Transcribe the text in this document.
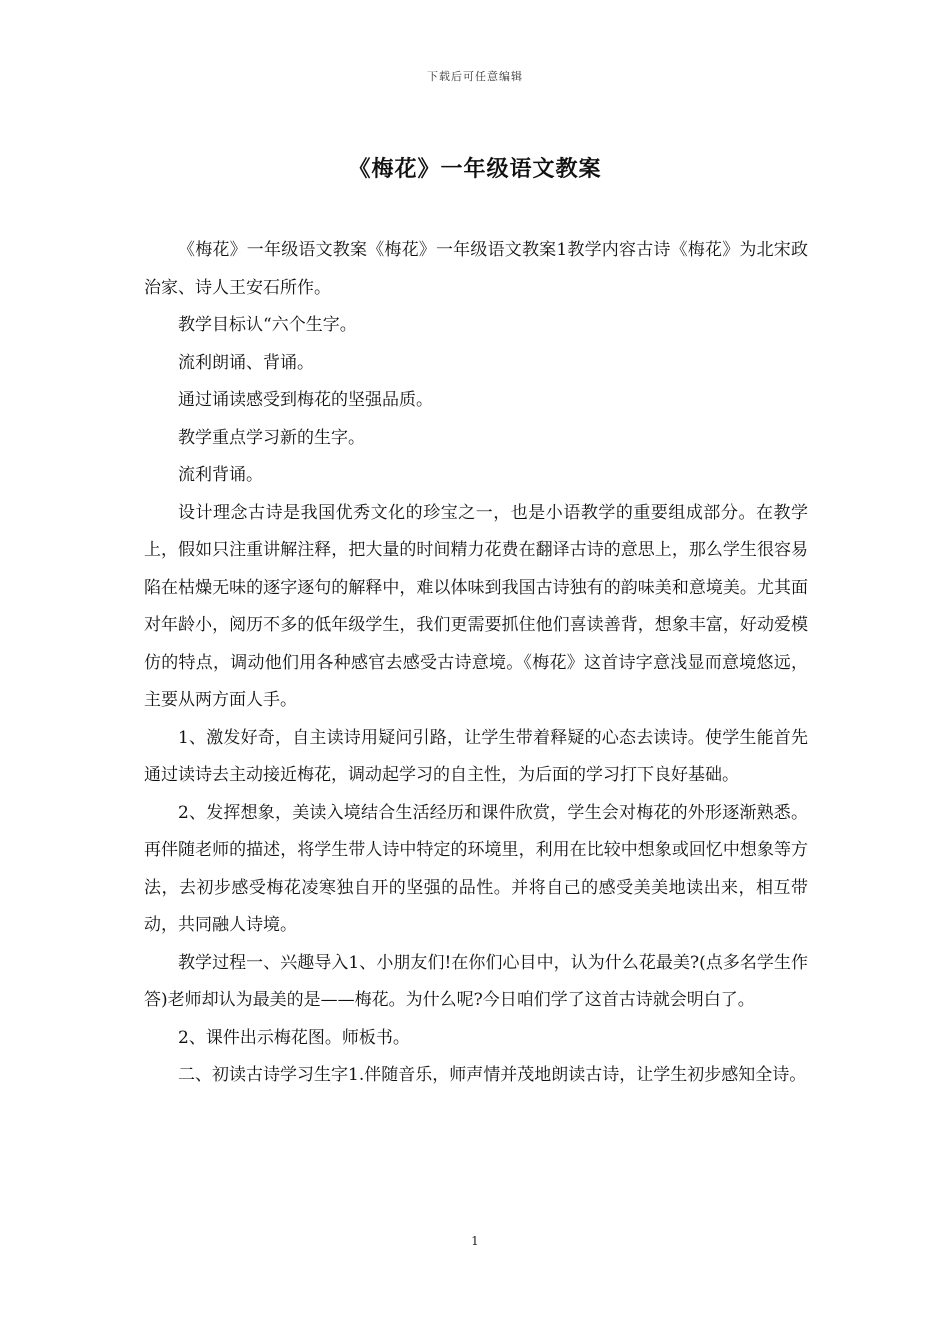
下载后可任意编辑
《梅花》一年级语文教案

《梅花》一年级语文教案《梅花》一年级语文教案1教学内容古诗《梅花》为北宋政治家、诗人王安石所作。

教学目标认“六个生字。

流利朗诵、背诵。

通过诵读感受到梅花的坚强品质。

教学重点学习新的生字。

流利背诵。

设计理念古诗是我国优秀文化的珍宝之一，也是小语教学的重要组成部分。在教学上，假如只注重讲解注释，把大量的时间精力花费在翻译古诗的意思上，那么学生很容易陷在枯燥无味的逐字逐句的解释中，难以体味到我国古诗独有的韵味美和意境美。尤其面对年龄小，阅历不多的低年级学生，我们更需要抓住他们喜读善背，想象丰富，好动爱模仿的特点，调动他们用各种感官去感受古诗意境。《梅花》这首诗字意浅显而意境悠远，主要从两方面人手。

1、激发好奇，自主读诗用疑问引路，让学生带着释疑的心态去读诗。使学生能首先通过读诗去主动接近梅花，调动起学习的自主性，为后面的学习打下良好基础。

2、发挥想象，美读入境结合生活经历和课件欣赏，学生会对梅花的外形逐渐熟悉。再伴随老师的描述，将学生带人诗中特定的环境里，利用在比较中想象或回忆中想象等方法，去初步感受梅花凌寒独自开的坚强的品性。并将自己的感受美美地读出来，相互带动，共同融人诗境。

教学过程一、兴趣导入1、小朋友们!在你们心目中，认为什么花最美?(点多名学生作答)老师却认为最美的是——梅花。为什么呢?今日咱们学了这首古诗就会明白了。

2、课件出示梅花图。师板书。

二、初读古诗学习生字1.伴随音乐，师声情并茂地朗读古诗，让学生初步感知全诗。

1
